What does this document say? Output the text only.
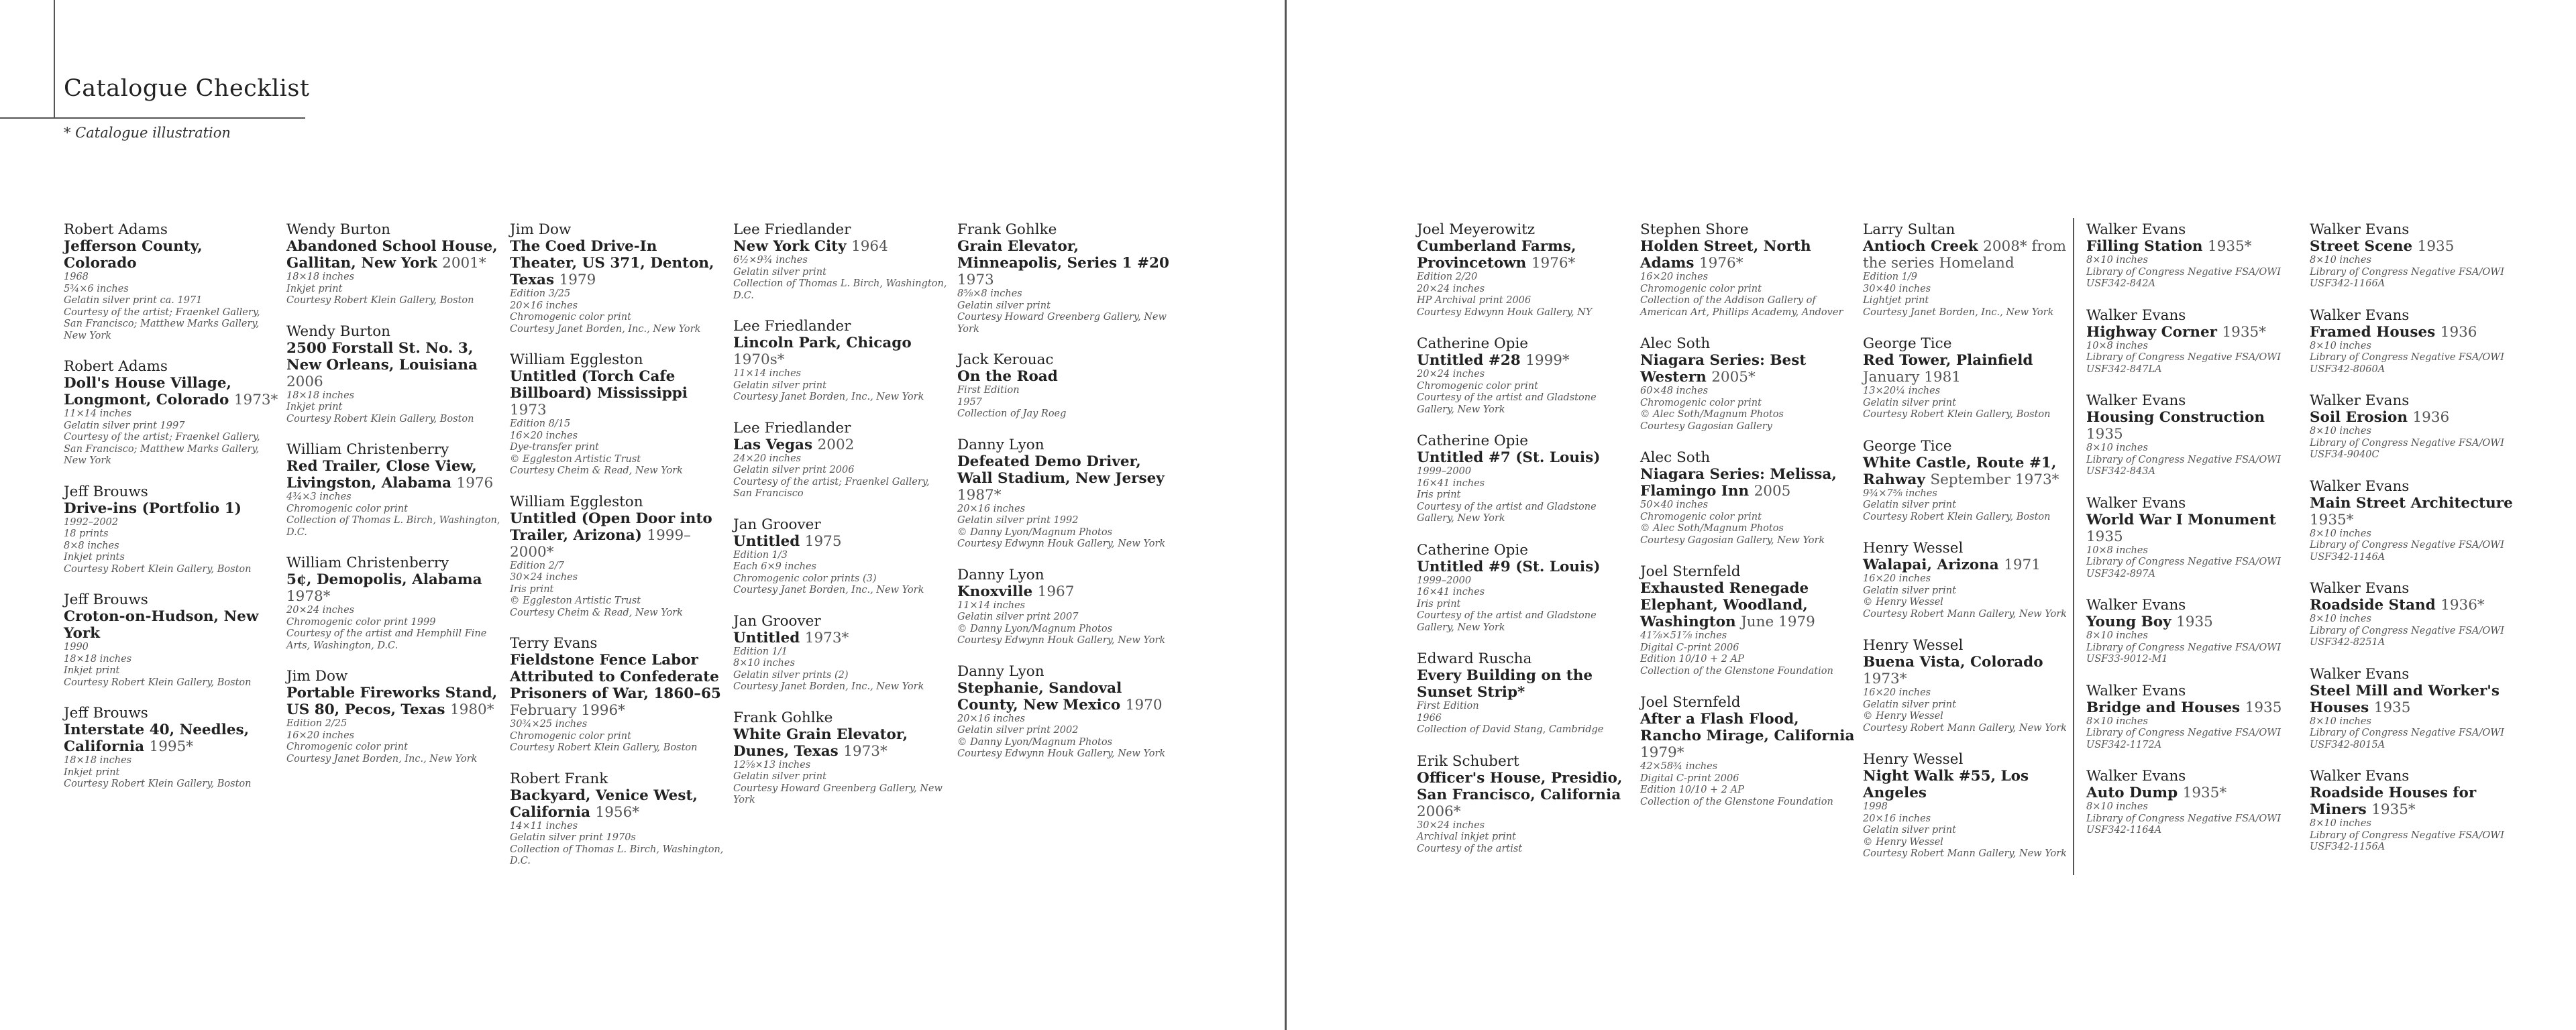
Catalogue Checklist
* Catalogue illustration
Robert Adams
Jefferson County, Colorado
1968
5¾×6 inches
Gelatin silver print ca. 1971
Courtesy of the artist; Fraenkel Gallery, San Francisco; Matthew Marks Gallery, New York
Robert Adams
Doll's House Village, Longmont, Colorado 1973*
11×14 inches
Gelatin silver print 1997
Courtesy of the artist; Fraenkel Gallery, San Francisco; Matthew Marks Gallery, New York
Jeff Brouws
Drive-ins (Portfolio 1)
1992–2002
18 prints
8×8 inches
Inkjet prints
Courtesy Robert Klein Gallery, Boston
Jeff Brouws
Croton-on-Hudson, New York
1990
18×18 inches
Inkjet print
Courtesy Robert Klein Gallery, Boston
Jeff Brouws
Interstate 40, Needles, California 1995*
18×18 inches
Inkjet print
Courtesy Robert Klein Gallery, Boston
Wendy Burton
Abandoned School House, Gallitan, New York 2001*
18×18 inches
Inkjet print
Courtesy Robert Klein Gallery, Boston
Wendy Burton
2500 Forstall St. No. 3, New Orleans, Louisiana 2006
18×18 inches
Inkjet print
Courtesy Robert Klein Gallery, Boston
William Christenberry
Red Trailer, Close View, Livingston, Alabama 1976
4¾×3 inches
Chromogenic color print
Collection of Thomas L. Birch, Washington, D.C.
William Christenberry
5¢, Demopolis, Alabama 1978*
20×24 inches
Chromogenic color print 1999
Courtesy of the artist and Hemphill Fine Arts, Washington, D.C.
Jim Dow
Portable Fireworks Stand, US 80, Pecos, Texas 1980*
Edition 2/25
16×20 inches
Chromogenic color print
Courtesy Janet Borden, Inc., New York
Jim Dow
The Coed Drive-In Theater, US 371, Denton, Texas 1979
Edition 3/25
20×16 inches
Chromogenic color print
Courtesy Janet Borden, Inc., New York
William Eggleston
Untitled (Torch Cafe Billboard) Mississippi 1973
Edition 8/15
16×20 inches
Dye-transfer print
© Eggleston Artistic Trust
Courtesy Cheim & Read, New York
William Eggleston
Untitled (Open Door into Trailer, Arizona) 1999–2000*
Edition 2/7
30×24 inches
Iris print
© Eggleston Artistic Trust
Courtesy Cheim & Read, New York
Terry Evans
Fieldstone Fence Labor Attributed to Confederate Prisoners of War, 1860–65 February 1996*
30¾×25 inches
Chromogenic color print
Courtesy Robert Klein Gallery, Boston
Robert Frank
Backyard, Venice West, California 1956*
14×11 inches
Gelatin silver print 1970s
Collection of Thomas L. Birch, Washington, D.C.
Lee Friedlander
New York City 1964
6½×9¾ inches
Gelatin silver print
Collection of Thomas L. Birch, Washington, D.C.
Lee Friedlander
Lincoln Park, Chicago 1970s*
11×14 inches
Gelatin silver print
Courtesy Janet Borden, Inc., New York
Lee Friedlander
Las Vegas 2002
24×20 inches
Gelatin silver print 2006
Courtesy of the artist; Fraenkel Gallery, San Francisco
Jan Groover
Untitled 1975
Edition 1/3
Each 6×9 inches
Chromogenic color prints (3)
Courtesy Janet Borden, Inc., New York
Jan Groover
Untitled 1973*
Edition 1/1
8×10 inches
Gelatin silver prints (2)
Courtesy Janet Borden, Inc., New York
Frank Gohlke
White Grain Elevator, Dunes, Texas 1973*
12⅝×13 inches
Gelatin silver print
Courtesy Howard Greenberg Gallery, New York
Frank Gohlke
Grain Elevator, Minneapolis, Series 1 #20 1973
8⅝×8 inches
Gelatin silver print
Courtesy Howard Greenberg Gallery, New York
Jack Kerouac
On the Road
First Edition
1957
Collection of Jay Roeg
Danny Lyon
Defeated Demo Driver, Wall Stadium, New Jersey 1987*
20×16 inches
Gelatin silver print 1992
© Danny Lyon/Magnum Photos
Courtesy Edwynn Houk Gallery, New York
Danny Lyon
Knoxville 1967
11×14 inches
Gelatin silver print 2007
© Danny Lyon/Magnum Photos
Courtesy Edwynn Houk Gallery, New York
Danny Lyon
Stephanie, Sandoval County, New Mexico 1970
20×16 inches
Gelatin silver print 2002
© Danny Lyon/Magnum Photos
Courtesy Edwynn Houk Gallery, New York
Joel Meyerowitz
Cumberland Farms, Provincetown 1976*
Edition 2/20
20×24 inches
HP Archival print 2006
Courtesy Edwynn Houk Gallery, NY
Catherine Opie
Untitled #28 1999*
20×24 inches
Chromogenic color print
Courtesy of the artist and Gladstone Gallery, New York
Catherine Opie
Untitled #7 (St. Louis)
1999–2000
16×41 inches
Iris print
Courtesy of the artist and Gladstone Gallery, New York
Catherine Opie
Untitled #9 (St. Louis)
1999–2000
16×41 inches
Iris print
Courtesy of the artist and Gladstone Gallery, New York
Edward Ruscha
Every Building on the Sunset Strip*
First Edition
1966
Collection of David Stang, Cambridge
Erik Schubert
Officer's House, Presidio, San Francisco, California 2006*
30×24 inches
Archival inkjet print
Courtesy of the artist
Stephen Shore
Holden Street, North Adams 1976*
16×20 inches
Chromogenic color print
Collection of the Addison Gallery of American Art, Phillips Academy, Andover
Alec Soth
Niagara Series: Best Western 2005*
60×48 inches
Chromogenic color print
© Alec Soth/Magnum Photos
Courtesy Gagosian Gallery
Alec Soth
Niagara Series: Melissa, Flamingo Inn 2005
50×40 inches
Chromogenic color print
© Alec Soth/Magnum Photos
Courtesy Gagosian Gallery, New York
Joel Sternfeld
Exhausted Renegade Elephant, Woodland, Washington June 1979
41⅞×51⅞ inches
Digital C-print 2006
Edition 10/10 + 2 AP
Collection of the Glenstone Foundation
Joel Sternfeld
After a Flash Flood, Rancho Mirage, California 1979*
42×58¾ inches
Digital C-print 2006
Edition 10/10 + 2 AP
Collection of the Glenstone Foundation
Larry Sultan
Antioch Creek 2008* from the series Homeland
Edition 1/9
30×40 inches
Lightjet print
Courtesy Janet Borden, Inc., New York
George Tice
Red Tower, Plainfield January 1981
13×20¼ inches
Gelatin silver print
Courtesy Robert Klein Gallery, Boston
George Tice
White Castle, Route #1, Rahway September 1973*
9¾×7⅝ inches
Gelatin silver print
Courtesy Robert Klein Gallery, Boston
Henry Wessel
Walapai, Arizona 1971
16×20 inches
Gelatin silver print
© Henry Wessel
Courtesy Robert Mann Gallery, New York
Henry Wessel
Buena Vista, Colorado 1973*
16×20 inches
Gelatin silver print
© Henry Wessel
Courtesy Robert Mann Gallery, New York
Henry Wessel
Night Walk #55, Los Angeles
1998
20×16 inches
Gelatin silver print
© Henry Wessel
Courtesy Robert Mann Gallery, New York
Walker Evans
Filling Station 1935*
8×10 inches
Library of Congress Negative FSA/OWI
USF342-842A
Walker Evans
Highway Corner 1935*
10×8 inches
Library of Congress Negative FSA/OWI
USF342-847LA
Walker Evans
Housing Construction 1935
8×10 inches
Library of Congress Negative FSA/OWI
USF342-843A
Walker Evans
World War I Monument 1935
10×8 inches
Library of Congress Negative FSA/OWI
USF342-897A
Walker Evans
Young Boy 1935
8×10 inches
Library of Congress Negative FSA/OWI
USF33-9012-M1
Walker Evans
Bridge and Houses 1935
8×10 inches
Library of Congress Negative FSA/OWI
USF342-1172A
Walker Evans
Auto Dump 1935*
8×10 inches
Library of Congress Negative FSA/OWI
USF342-1164A
Walker Evans
Street Scene 1935
8×10 inches
Library of Congress Negative FSA/OWI
USF342-1166A
Walker Evans
Framed Houses 1936
8×10 inches
Library of Congress Negative FSA/OWI
USF342-8060A
Walker Evans
Soil Erosion 1936
8×10 inches
Library of Congress Negative FSA/OWI
USF34-9040C
Walker Evans
Main Street Architecture 1935*
8×10 inches
Library of Congress Negative FSA/OWI
USF342-1146A
Walker Evans
Roadside Stand 1936*
8×10 inches
Library of Congress Negative FSA/OWI
USF342-8251A
Walker Evans
Steel Mill and Worker's Houses 1935
8×10 inches
Library of Congress Negative FSA/OWI
USF342-8015A
Walker Evans
Roadside Houses for Miners 1935*
8×10 inches
Library of Congress Negative FSA/OWI
USF342-1156A
